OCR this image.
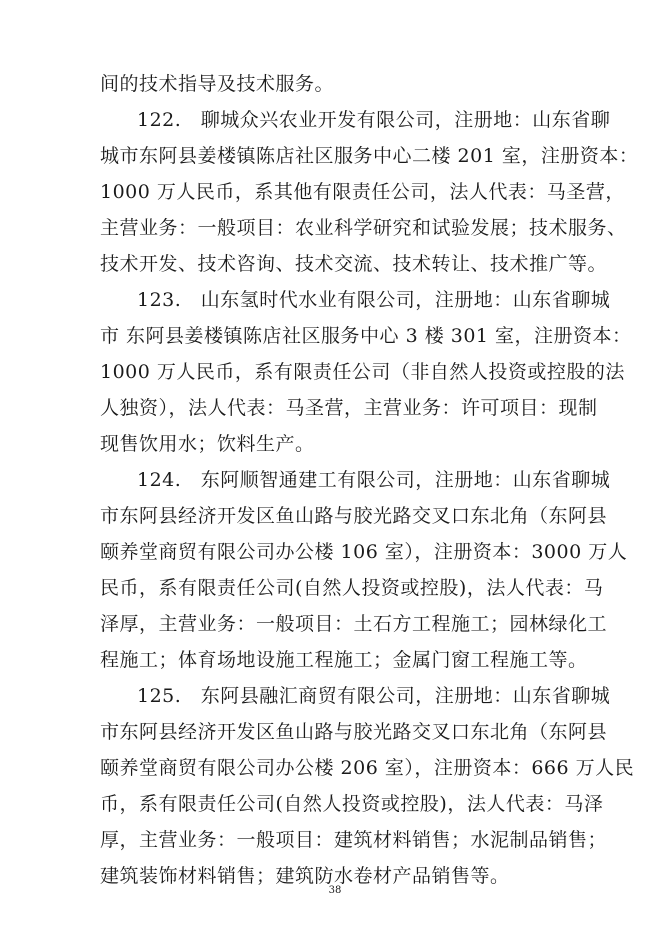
间的技术指导及技术服务。
122.　聊城众兴农业开发有限公司，注册地：山东省聊
城市东阿县姜楼镇陈店社区服务中心二楼 201 室，注册资本：
1000 万人民币，系其他有限责任公司，法人代表：马圣营，
主营业务：一般项目：农业科学研究和试验发展；技术服务、
技术开发、技术咨询、技术交流、技术转让、技术推广等。
123.　山东氢时代水业有限公司，注册地：山东省聊城
市 东阿县姜楼镇陈店社区服务中心 3 楼 301 室，注册资本：
1000 万人民币，系有限责任公司（非自然人投资或控股的法
人独资），法人代表：马圣营，主营业务：许可项目：现制
现售饮用水；饮料生产。
124.　东阿顺智通建工有限公司，注册地：山东省聊城
市东阿县经济开发区鱼山路与胶光路交叉口东北角（东阿县
颐养堂商贸有限公司办公楼 106 室），注册资本：3000 万人
民币，系有限责任公司(自然人投资或控股)，法人代表：马
泽厚，主营业务：一般项目：土石方工程施工；园林绿化工
程施工；体育场地设施工程施工；金属门窗工程施工等。
125.　东阿县融汇商贸有限公司，注册地：山东省聊城
市东阿县经济开发区鱼山路与胶光路交叉口东北角（东阿县
颐养堂商贸有限公司办公楼 206 室），注册资本：666 万人民
币，系有限责任公司(自然人投资或控股)，法人代表：马泽
厚，主营业务：一般项目：建筑材料销售；水泥制品销售；
建筑装饰材料销售；建筑防水卷材产品销售等。
38
